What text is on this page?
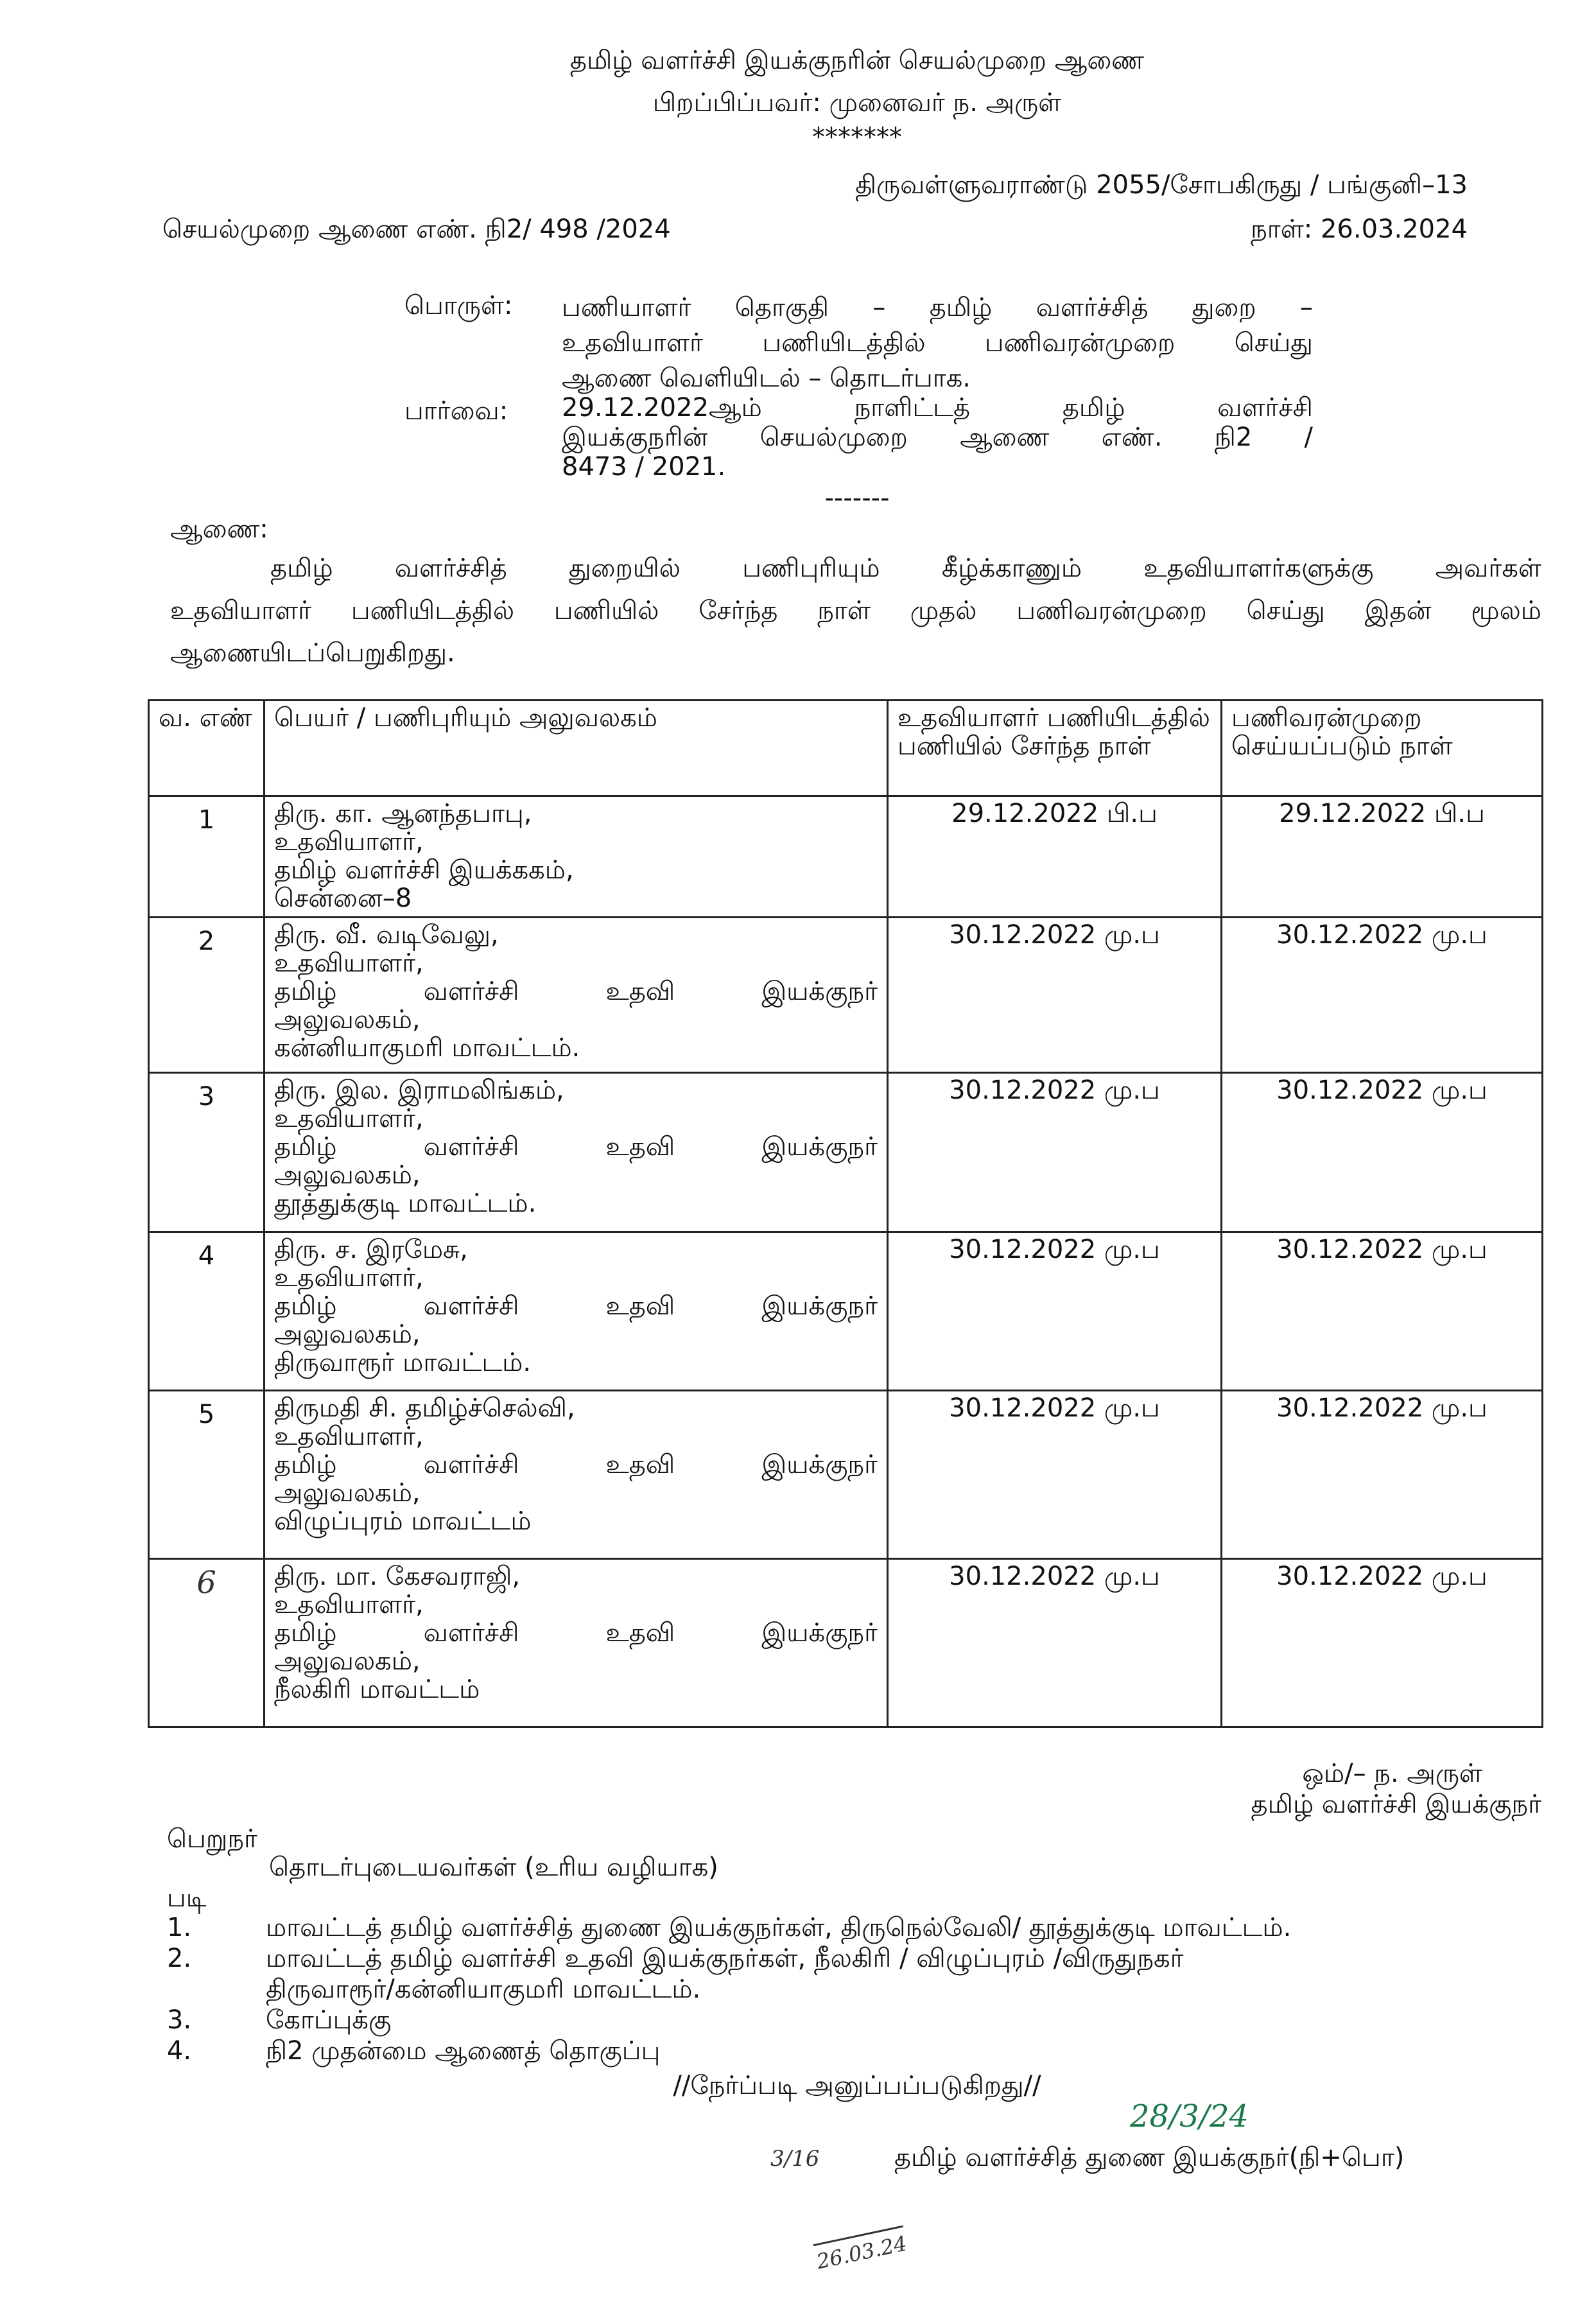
தமிழ் வளர்ச்சி இயக்குநரின் செயல்முறை ஆணை
பிறப்பிப்பவர்: முனைவர் ந. அருள்
*******
திருவள்ளுவராண்டு 2055/சோபகிருது / பங்குனி–13
செயல்முறை ஆணை எண். நி2/ 498 /2024	நாள்: 26.03.2024
பொருள்: பணியாளர் தொகுதி – தமிழ் வளர்ச்சித் துறை –
உதவியாளர் பணியிடத்தில் பணிவரன்முறை செய்து
ஆணை வெளியிடல் – தொடர்பாக.
பார்வை: 29.12.2022ஆம் நாளிட்டத் தமிழ் வளர்ச்சி
இயக்குநரின் செயல்முறை ஆணை எண். நி2 /
8473 / 2021.
-------
ஆணை:
தமிழ் வளர்ச்சித் துறையில் பணிபுரியும் கீழ்க்காணும் உதவியாளர்களுக்கு அவர்கள்
உதவியாளர் பணியிடத்தில் பணியில் சேர்ந்த நாள் முதல் பணிவரன்முறை செய்து இதன் மூலம்
ஆணையிடப்பெறுகிறது.
வ. எண்	பெயர் / பணிபுரியும் அலுவலகம்	உதவியாளர் பணியிடத்தில் பணியில் சேர்ந்த நாள்	பணிவரன்முறை செய்யப்படும் நாள்
1	திரு. கா. ஆனந்தபாபு,
உதவியாளர்,
தமிழ் வளர்ச்சி இயக்ககம்,
சென்னை–8	29.12.2022 பி.ப	29.12.2022 பி.ப
2	திரு. வீ. வடிவேலு,
உதவியாளர்,
தமிழ் வளர்ச்சி உதவி இயக்குநர்
அலுவலகம்,
கன்னியாகுமரி மாவட்டம்.	30.12.2022 மு.ப	30.12.2022 மு.ப
3	திரு. இல. இராமலிங்கம்,
உதவியாளர்,
தமிழ் வளர்ச்சி உதவி இயக்குநர்
அலுவலகம்,
தூத்துக்குடி மாவட்டம்.	30.12.2022 மு.ப	30.12.2022 மு.ப
4	திரு. ச. இரமேசு,
உதவியாளர்,
தமிழ் வளர்ச்சி உதவி இயக்குநர்
அலுவலகம்,
திருவாரூர் மாவட்டம்.	30.12.2022 மு.ப	30.12.2022 மு.ப
5	திருமதி சி. தமிழ்ச்செல்வி,
உதவியாளர்,
தமிழ் வளர்ச்சி உதவி இயக்குநர்
அலுவலகம்,
விழுப்புரம் மாவட்டம்	30.12.2022 மு.ப	30.12.2022 மு.ப
6	திரு. மா. கேசவராஜி,
உதவியாளர்,
தமிழ் வளர்ச்சி உதவி இயக்குநர்
அலுவலகம்,
நீலகிரி மாவட்டம்	30.12.2022 மு.ப	30.12.2022 மு.ப
ஒம்/– ந. அருள்
தமிழ் வளர்ச்சி இயக்குநர்
பெறுநர்
தொடர்புடையவர்கள் (உரிய வழியாக)
படி
1.	மாவட்டத் தமிழ் வளர்ச்சித் துணை இயக்குநர்கள், திருநெல்வேலி/ தூத்துக்குடி மாவட்டம்.
2.	மாவட்டத் தமிழ் வளர்ச்சி உதவி இயக்குநர்கள், நீலகிரி / விழுப்புரம் /விருதுநகர்
திருவாரூர்/கன்னியாகுமரி மாவட்டம்.
3.	கோப்புக்கு
4.	நி2 முதன்மை ஆணைத் தொகுப்பு
//நேர்ப்படி அனுப்பப்படுகிறது//
28/3/24
3/16	தமிழ் வளர்ச்சித் துணை இயக்குநர்(நி+பொ)
26.03.24
